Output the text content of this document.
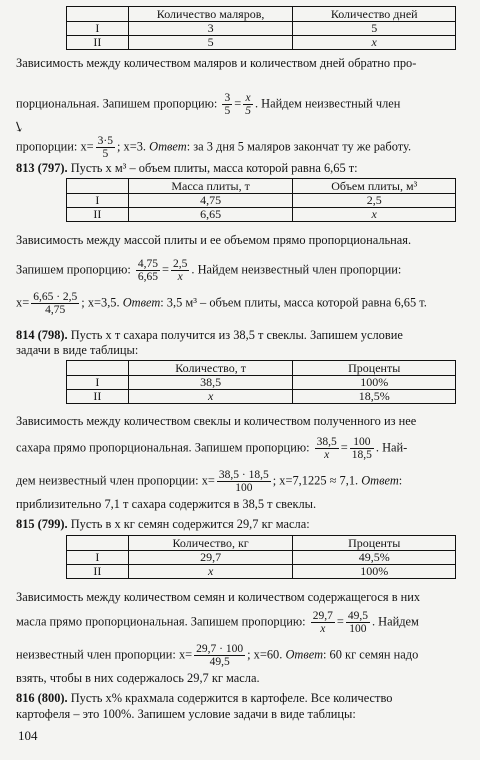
	Количество маляров,	Количество дней
I	3	5
II	5	x
Зависимость между количеством маляров и количеством дней обратно про-
порциональная. Запишем пропорцию: $\frac{3}{5} = \frac{x}{5}$ . Найдем неизвестный член
↘
пропорции: $x= \frac{3\cdot 5}{5}$ ; x=3. Ответ: за 3 дня 5 маляров закончат ту же работу.
813 (797). Пусть x м³ – объем плиты, масса которой равна 6,65 т:
	Масса плиты, т	Объем плиты, м³
I	4,75	2,5
II	6,65	x
Зависимость между массой плиты и ее объемом прямо пропорциональная.
Запишем пропорцию: $\frac{4,75}{6,65} = \frac{2,5}{x}$ . Найдем неизвестный член пропорции:
$x= \frac{6,65 \cdot 2,5}{4,75}$ ; x=3,5. Ответ: 3,5 м³ – объем плиты, масса которой равна 6,65 т.
814 (798). Пусть x т сахара получится из 38,5 т свеклы. Запишем условие
задачи в виде таблицы:
	Количество, т	Проценты
I	38,5	100%
II	x	18,5%
Зависимость между количеством свеклы и количеством полученного из нее
сахара прямо пропорциональная. Запишем пропорцию: $\frac{38,5}{x} = \frac{100}{18,5}$ . Най-
дем неизвестный член пропорции: $x= \frac{38,5 \cdot 18,5}{100}$ ; x=7,1225 ≈ 7,1. Ответ:
приблизительно 7,1 т сахара содержится в 38,5 т свеклы.
815 (799). Пусть в x кг семян содержится 29,7 кг масла:
	Количество, кг	Проценты
I	29,7	49,5%
II	x	100%
Зависимость между количеством семян и количеством содержащегося в них
масла прямо пропорциональная. Запишем пропорцию: $\frac{29,7}{x} = \frac{49,5}{100}$ . Найдем
неизвестный член пропорции: $x= \frac{29,7 \cdot 100}{49,5}$ ; x=60. Ответ: 60 кг семян надо
взять, чтобы в них содержалось 29,7 кг масла.
816 (800). Пусть x% крахмала содержится в картофеле. Все количество
картофеля – это 100%. Запишем условие задачи в виде таблицы:
104
